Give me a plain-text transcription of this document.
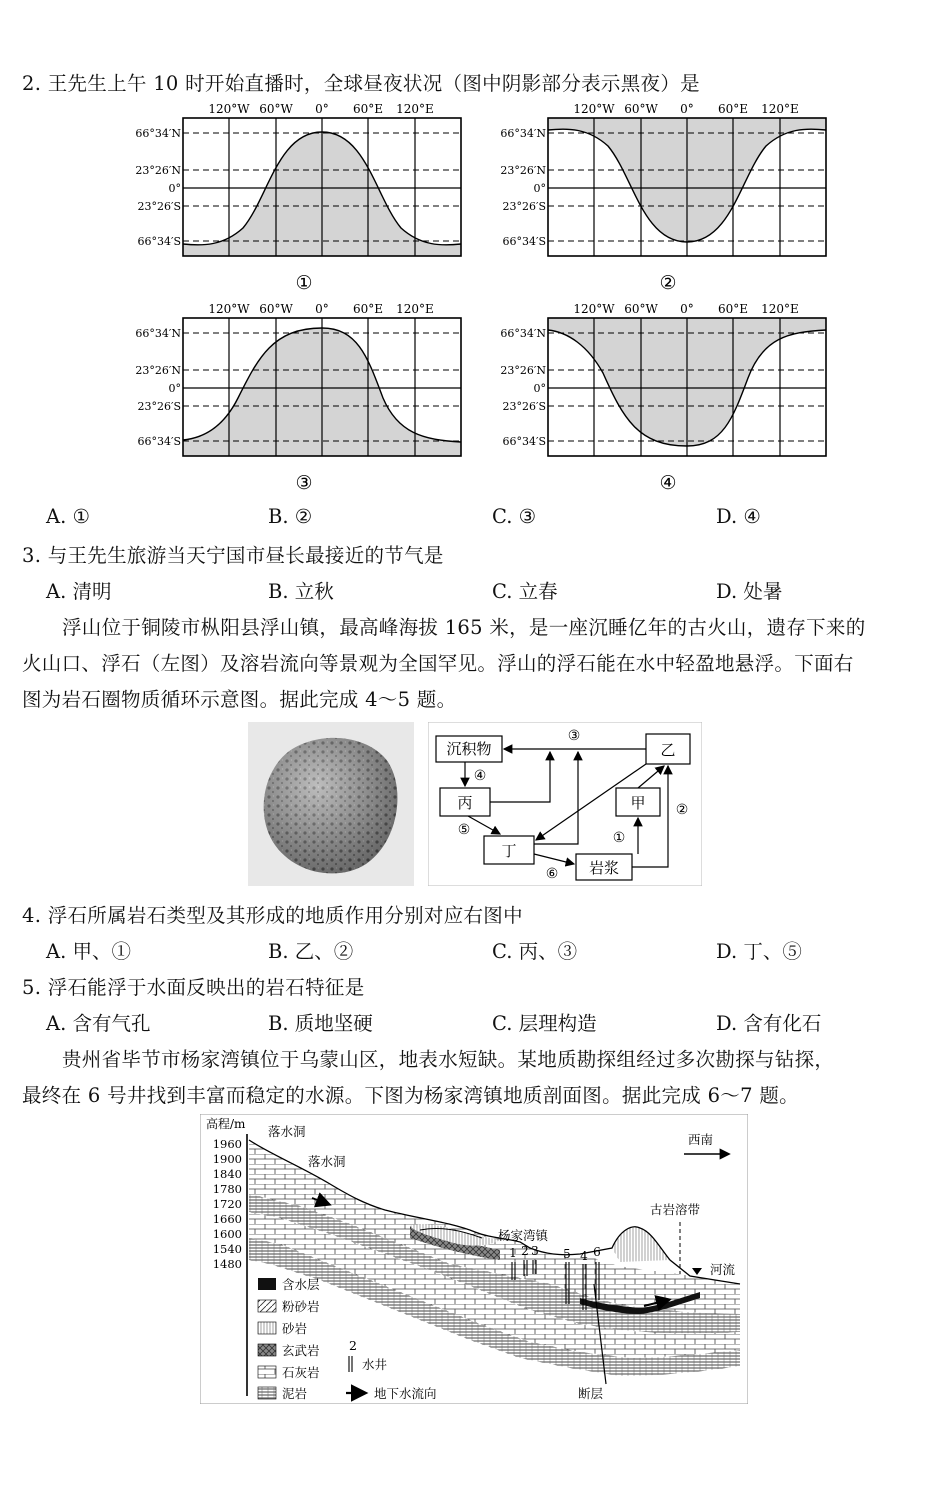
2. 王先生上午 10 时开始直播时，全球昼夜状况（图中阴影部分表示黑夜）是
120°W 60°W 0° 60°E 120°E	120°W 60°W 0° 60°E 120°E
120°W 60°W 0° 60°E 120°E	120°W 60°W 0° 60°E 120°E
66°34′N
23°26′N
0°
23°26′S
66°34′S
66°34′N
23°26′N
0°
23°26′S
66°34′S
66°34′N
23°26′N
0°
23°26′S
66°34′S
66°34′N
23°26′N
0°
23°26′S
66°34′S
①	②
③	④
A. ①	B. ②	C. ③	D. ④
3. 与王先生旅游当天宁国市昼长最接近的节气是
A. 清明	B. 立秋	C. 立春	D. 处暑
浮山位于铜陵市枞阳县浮山镇，最高峰海拔 165 米，是一座沉睡亿年的古火山，遗存下来的
火山口、浮石（左图）及溶岩流向等景观为全国罕见。浮山的浮石能在水中轻盈地悬浮。下面右
图为岩石圈物质循环示意图。据此完成 4～5 题。
沉积物	乙
丙	甲
丁
岩浆
④
③
⑤
②
①
⑥
4. 浮石所属岩石类型及其形成的地质作用分别对应右图中
A. 甲、①	B. 乙、②	C. 丙、③	D. 丁、⑤
5. 浮石能浮于水面反映出的岩石特征是
A. 含有气孔	B. 质地坚硬	C. 层理构造	D. 含有化石
贵州省毕节市杨家湾镇位于乌蒙山区，地表水短缺。某地质勘探组经过多次勘探与钻探，
最终在 6 号井找到丰富而稳定的水源。下图为杨家湾镇地质剖面图。据此完成 6～7 题。
高程/m
1960
1900
1840
1780
1720
1660
1600
1540
1480
1 2 3 5 4 6
落水洞
落水洞
杨家湾镇
古岩溶带
河流
西南
断层
含水层
粉砂岩
砂岩
玄武岩
石灰岩
泥岩
2
水井
地下水流向
